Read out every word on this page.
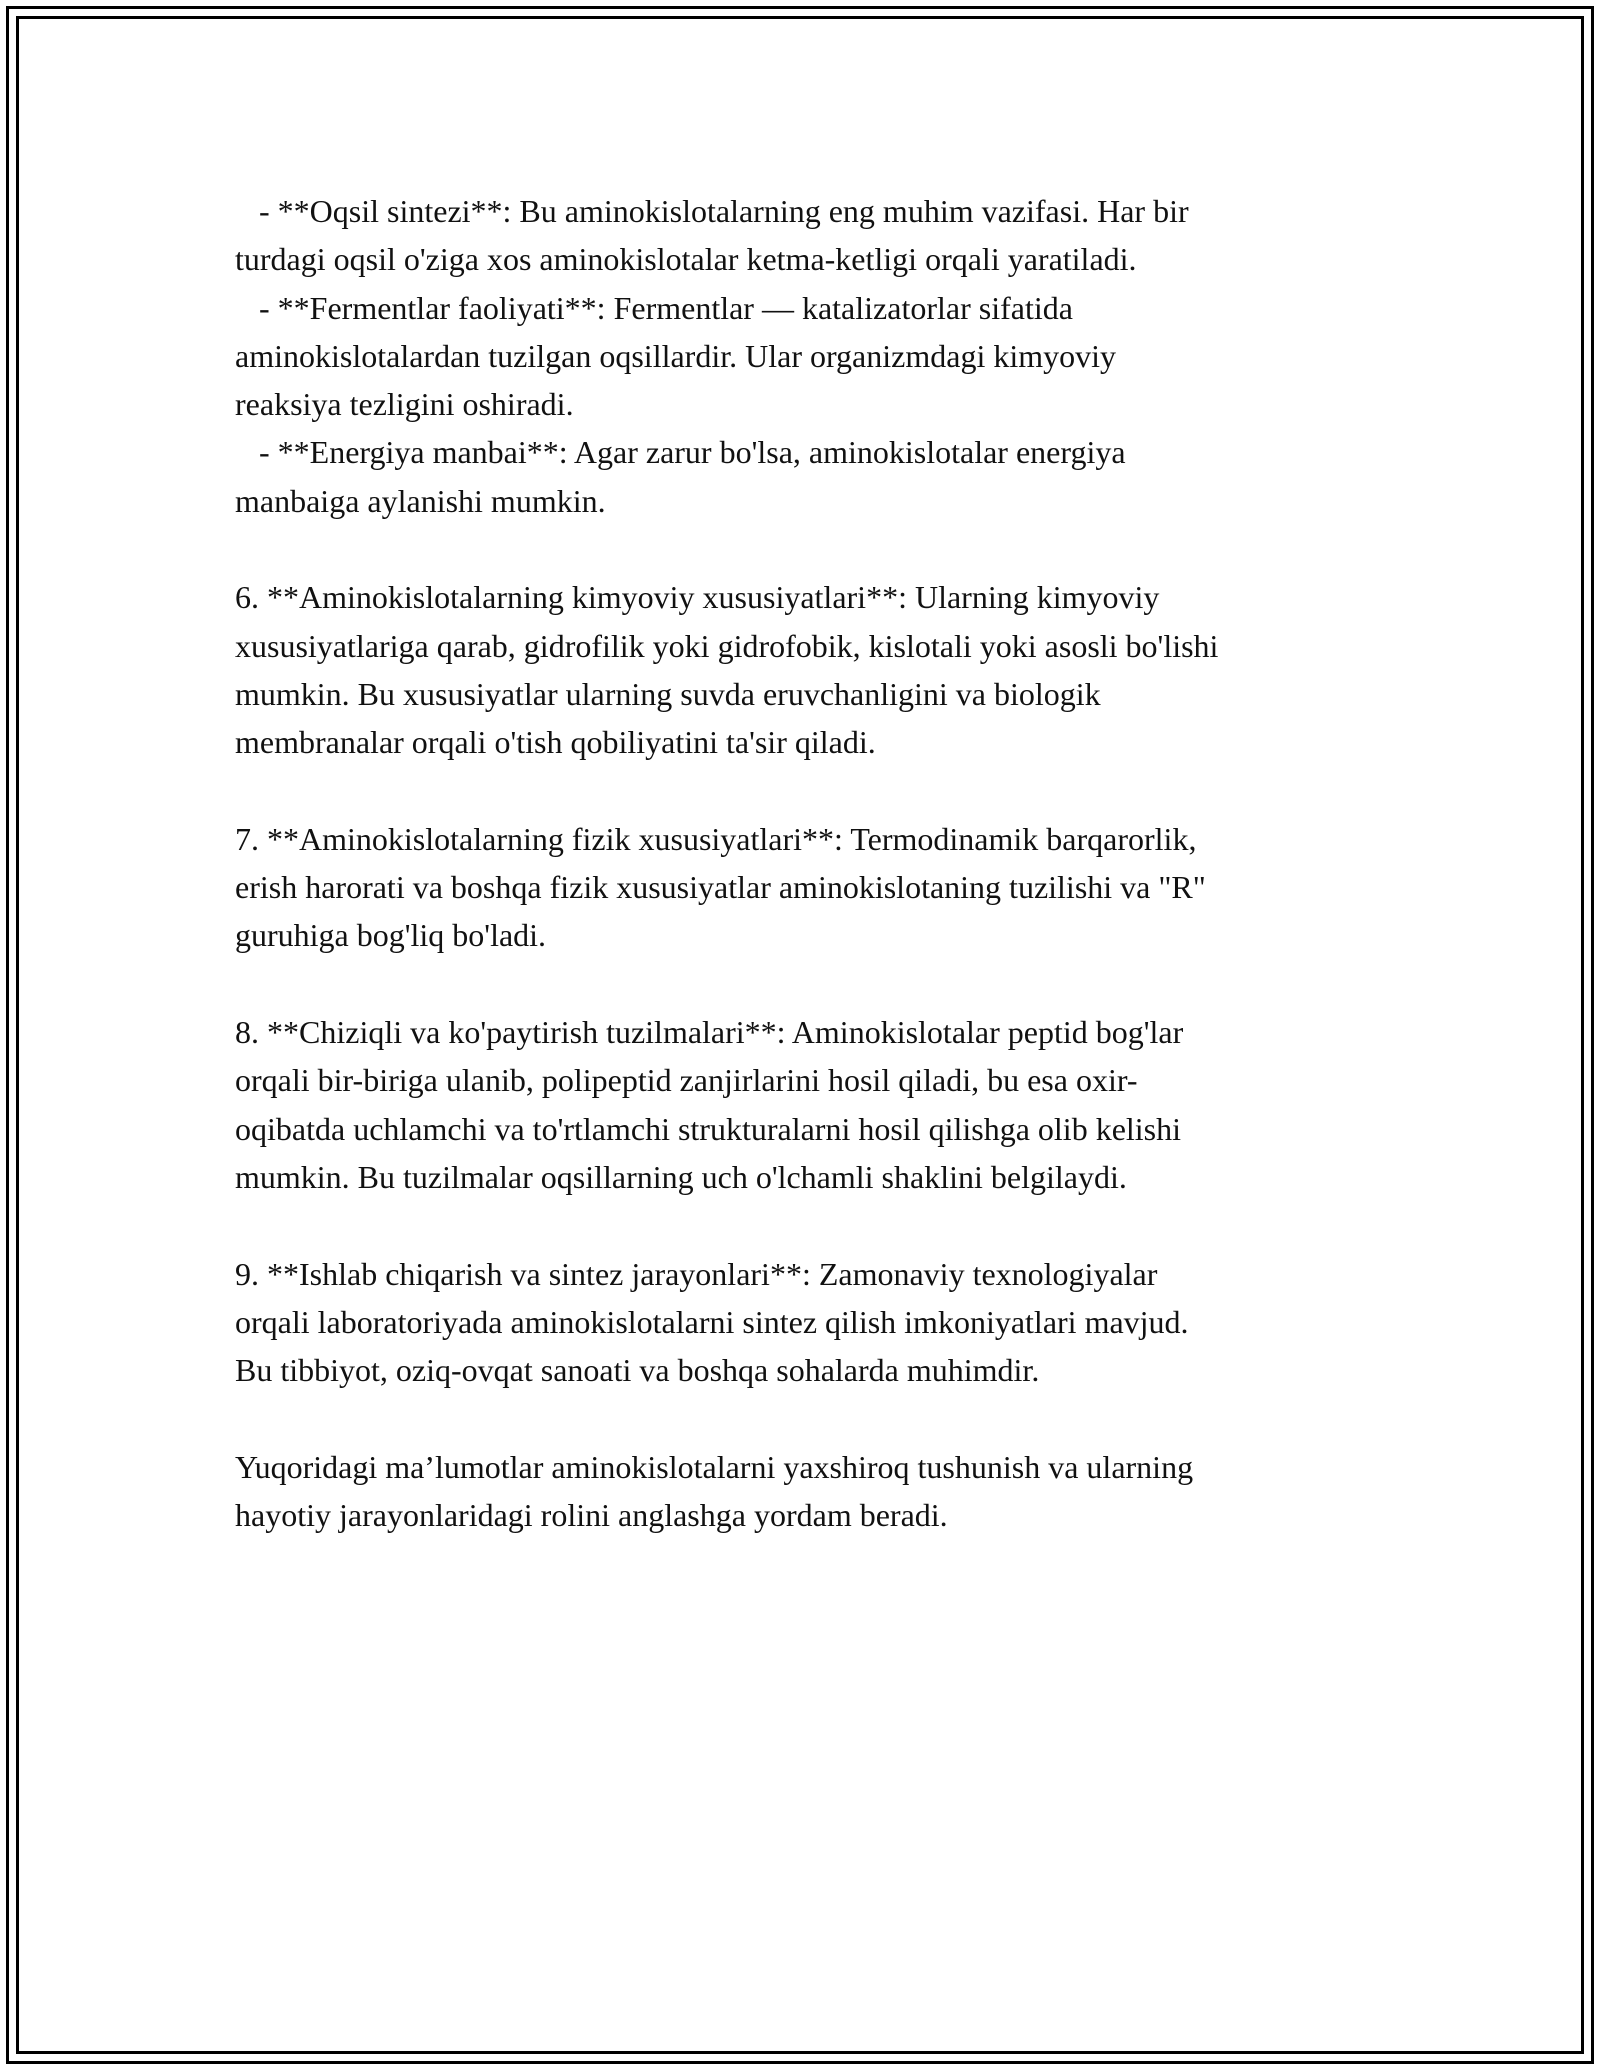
- **Oqsil sintezi**: Bu aminokislotalarning eng muhim vazifasi. Har bir
turdagi oqsil o'ziga xos aminokislotalar ketma-ketligi orqali yaratiladi.
- **Fermentlar faoliyati**: Fermentlar — katalizatorlar sifatida
aminokislotalardan tuzilgan oqsillardir. Ular organizmdagi kimyoviy
reaksiya tezligini oshiradi.
- **Energiya manbai**: Agar zarur bo'lsa, aminokislotalar energiya
manbaiga aylanishi mumkin.
6. **Aminokislotalarning kimyoviy xususiyatlari**: Ularning kimyoviy
xususiyatlariga qarab, gidrofilik yoki gidrofobik, kislotali yoki asosli bo'lishi
mumkin. Bu xususiyatlar ularning suvda eruvchanligini va biologik
membranalar orqali o'tish qobiliyatini ta'sir qiladi.
7. **Aminokislotalarning fizik xususiyatlari**: Termodinamik barqarorlik,
erish harorati va boshqa fizik xususiyatlar aminokislotaning tuzilishi va "R"
guruhiga bog'liq bo'ladi.
8. **Chiziqli va ko'paytirish tuzilmalari**: Aminokislotalar peptid bog'lar
orqali bir-biriga ulanib, polipeptid zanjirlarini hosil qiladi, bu esa oxir-
oqibatda uchlamchi va to'rtlamchi strukturalarni hosil qilishga olib kelishi
mumkin. Bu tuzilmalar oqsillarning uch o'lchamli shaklini belgilaydi.
9. **Ishlab chiqarish va sintez jarayonlari**: Zamonaviy texnologiyalar
orqali laboratoriyada aminokislotalarni sintez qilish imkoniyatlari mavjud.
Bu tibbiyot, oziq-ovqat sanoati va boshqa sohalarda muhimdir.
Yuqoridagi ma’lumotlar aminokislotalarni yaxshiroq tushunish va ularning
hayotiy jarayonlaridagi rolini anglashga yordam beradi.
